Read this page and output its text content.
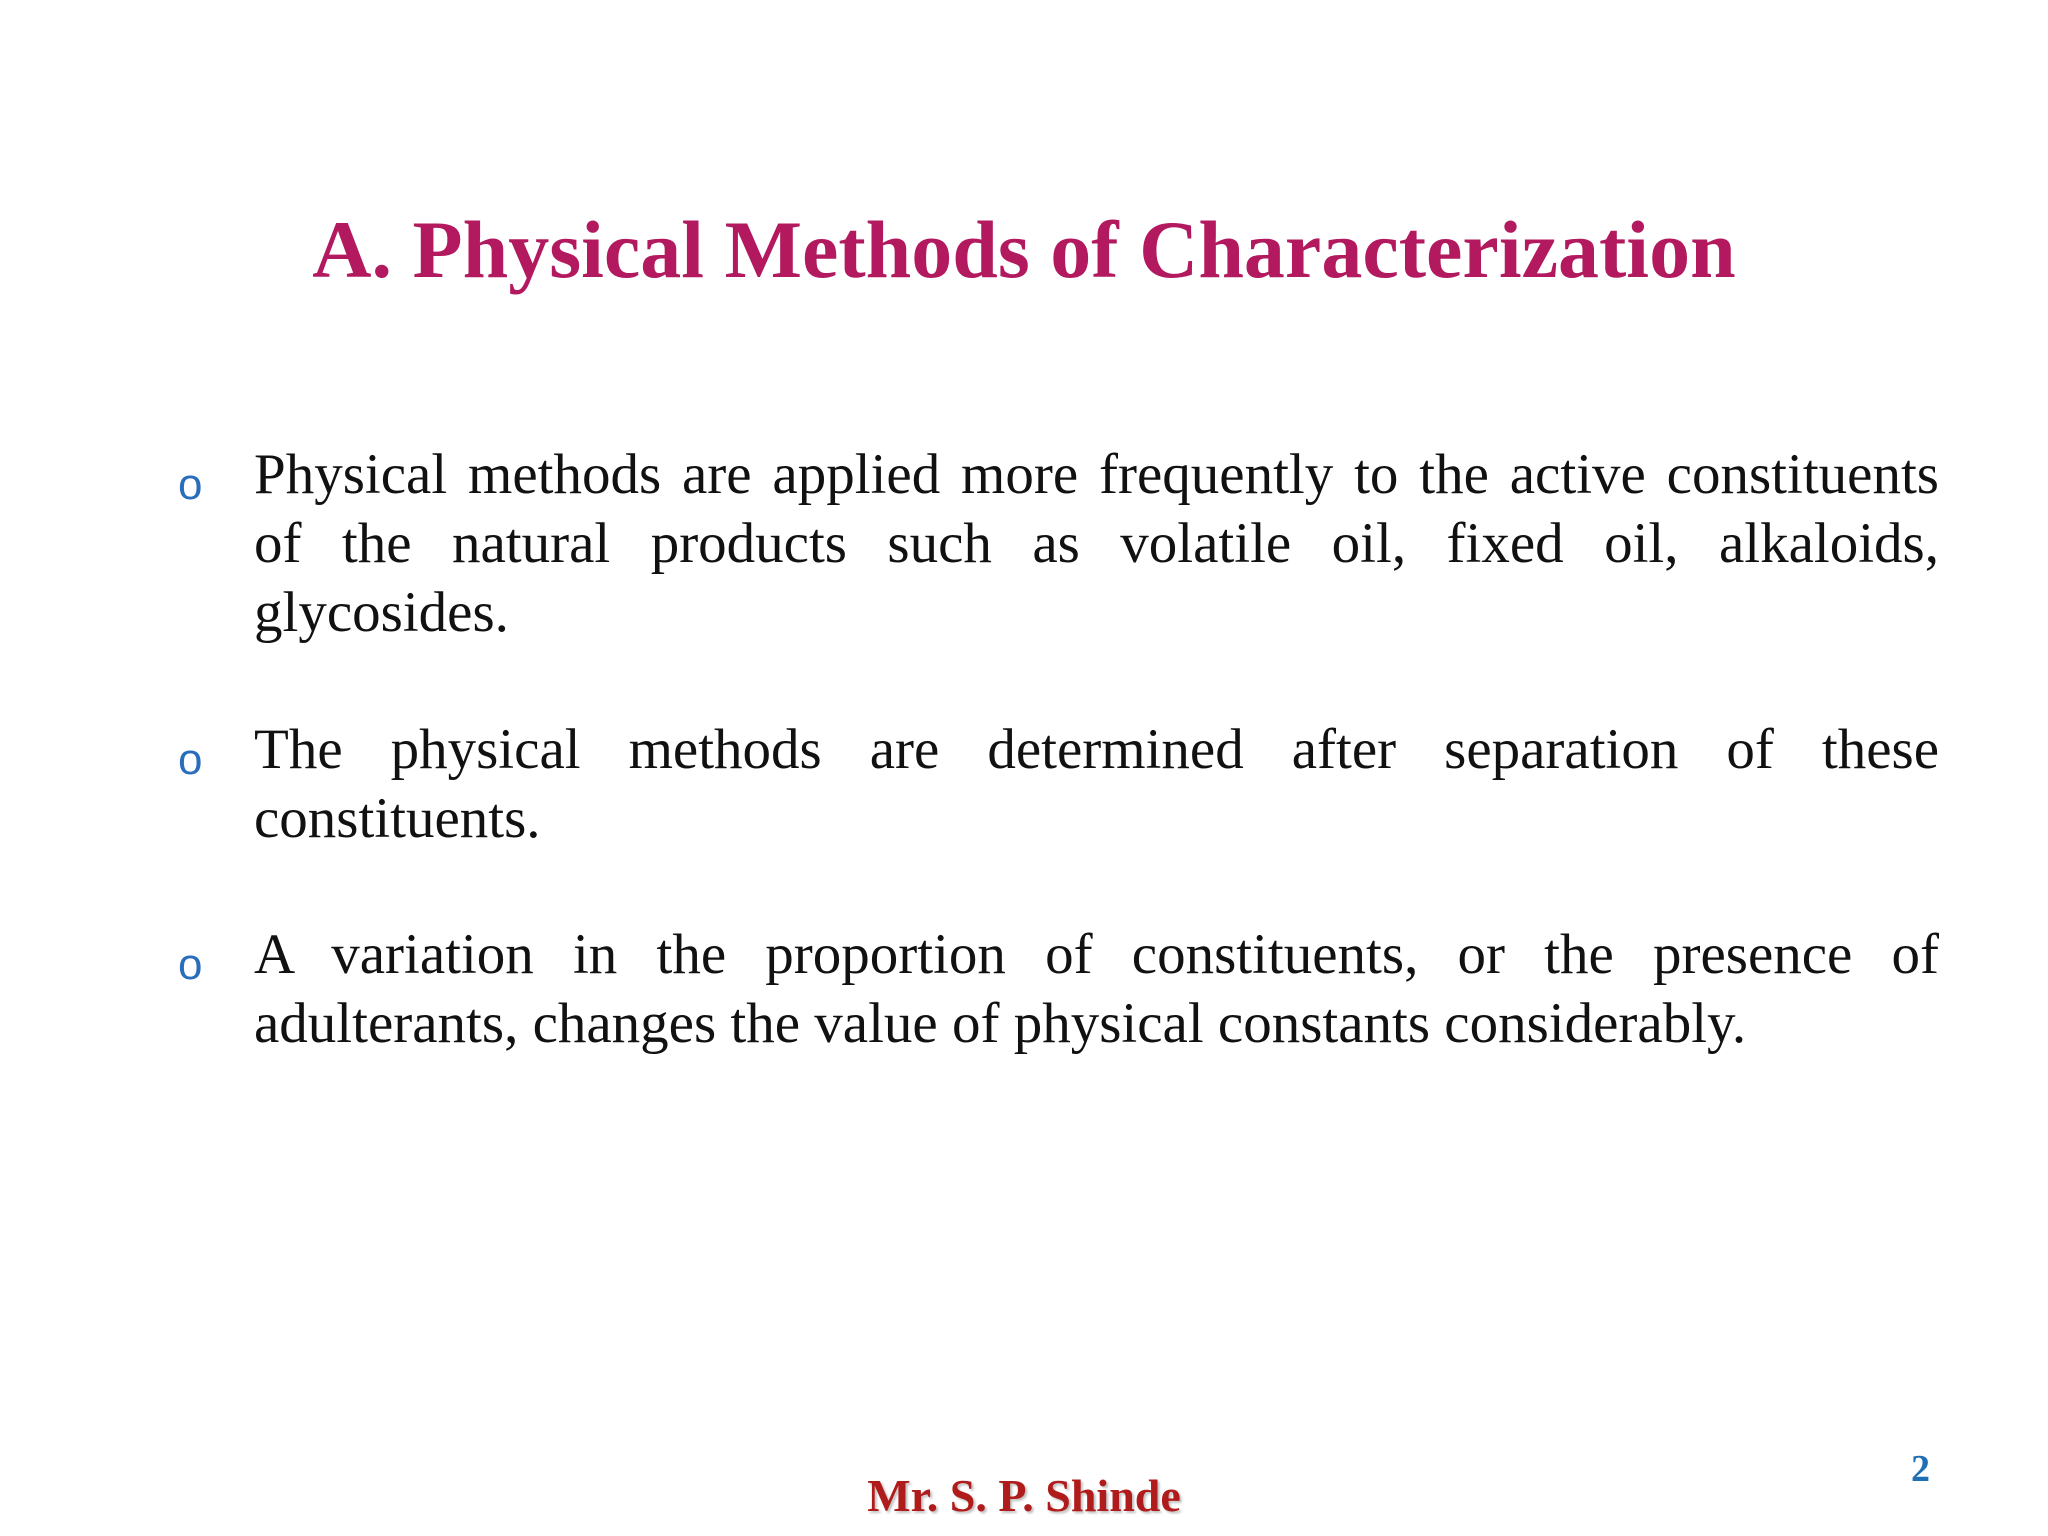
A. Physical Methods of Characterization
o Physical methods are applied more frequently to the active constituents of the natural products such as volatile oil, fixed oil, alkaloids, glycosides.

o The physical methods are determined after separation of these constituents.

o A variation in the proportion of constituents, or the presence of adulterants, changes the value of physical constants considerably.

Mr. S. P. Shinde
2
